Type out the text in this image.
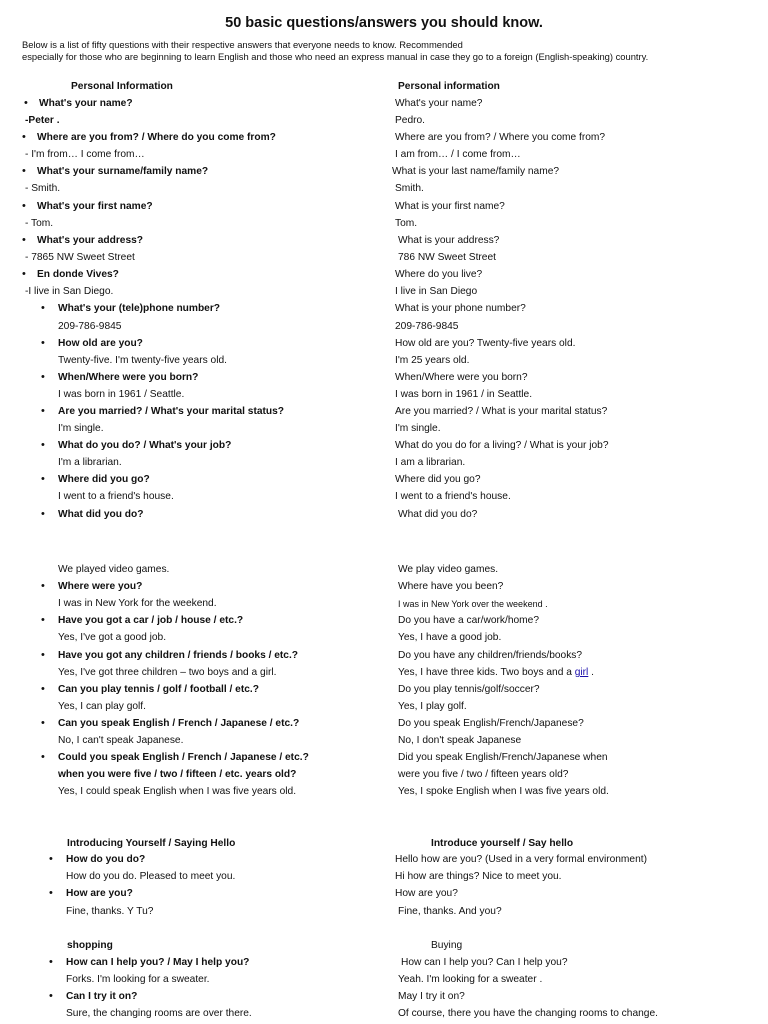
50 basic questions/answers you should know.
Below is a list of fifty questions with their respective answers that everyone needs to know. Recommended
especially for those who are beginning to learn English and those who need an express manual in case they go to a foreign (English-speaking) country.
Personal Information
• What's your name?
-Peter .
• Where are you from? / Where do you come from?
- I'm from… I come from…
• What's your surname/family name?
- Smith.
• What's your first name?
- Tom.
• What's your address?
- 7865 NW Sweet Street
• En donde Vives?
-I live in San Diego.
• What's your (tele)phone number?
209-786-9845
• How old are you?
Twenty-five. I'm twenty-five years old.
• When/Where were you born?
I was born in 1961 / Seattle.
• Are you married? / What's your marital status?
I'm single.
• What do you do? / What's your job?
I'm a librarian.
• Where did you go?
I went to a friend's house.
• What did you do?
We played video games.
• Where were you?
I was in New York for the weekend.
• Have you got a car / job / house / etc.?
Yes, I've got a good job.
• Have you got any children / friends / books / etc.?
Yes, I've got three children – two boys and a girl.
• Can you play tennis / golf / football / etc.?
Yes, I can play golf.
• Can you speak English / French / Japanese / etc.?
No, I can't speak Japanese.
• Could you speak English / French / Japanese / etc.?
when you were five / two / fifteen / etc. years old?
Yes, I could speak English when I was five years old.
Introducing Yourself / Saying Hello
• How do you do?
How do you do. Pleased to meet you.
• How are you?
Fine, thanks. Y Tu?
shopping
• How can I help you? / May I help you?
Forks. I'm looking for a sweater.
• Can I try it on?
Sure, the changing rooms are over there.
Personal information
What's your name?
Pedro.
Where are you from? / Where you come from?
I am from… / I come from…
What is your last name/family name?
Smith.
What is your first name?
Tom.
What is your address?
786 NW Sweet Street
Where do you live?
I live in San Diego
What is your phone number?
209-786-9845
How old are you? Twenty-five years old.
I'm 25 years old.
When/Where were you born?
I was born in 1961 / in Seattle.
Are you married? / What is your marital status?
I'm single.
What do you do for a living? / What is your job?
I am a librarian.
Where did you go?
I went to a friend's house.
What did you do?
We play video games.
Where have you been?
I was in New York over the weekend .
Do you have a car/work/home?
Yes, I have a good job.
Do you have any children/friends/books?
Yes, I have three kids. Two boys and a girl .
Do you play tennis/golf/soccer?
Yes, I play golf.
Do you speak English/French/Japanese?
No, I don't speak Japanese
Did you speak English/French/Japanese when
were you five / two / fifteen years old?
Yes, I spoke English when I was five years old.
Introduce yourself / Say hello
Hello how are you? (Used in a very formal environment)
Hi how are things? Nice to meet you.
How are you?
Fine, thanks. And you?
Buying
How can I help you? Can I help you?
Yeah. I'm looking for a sweater .
May I try it on?
Of course, there you have the changing rooms to change.
